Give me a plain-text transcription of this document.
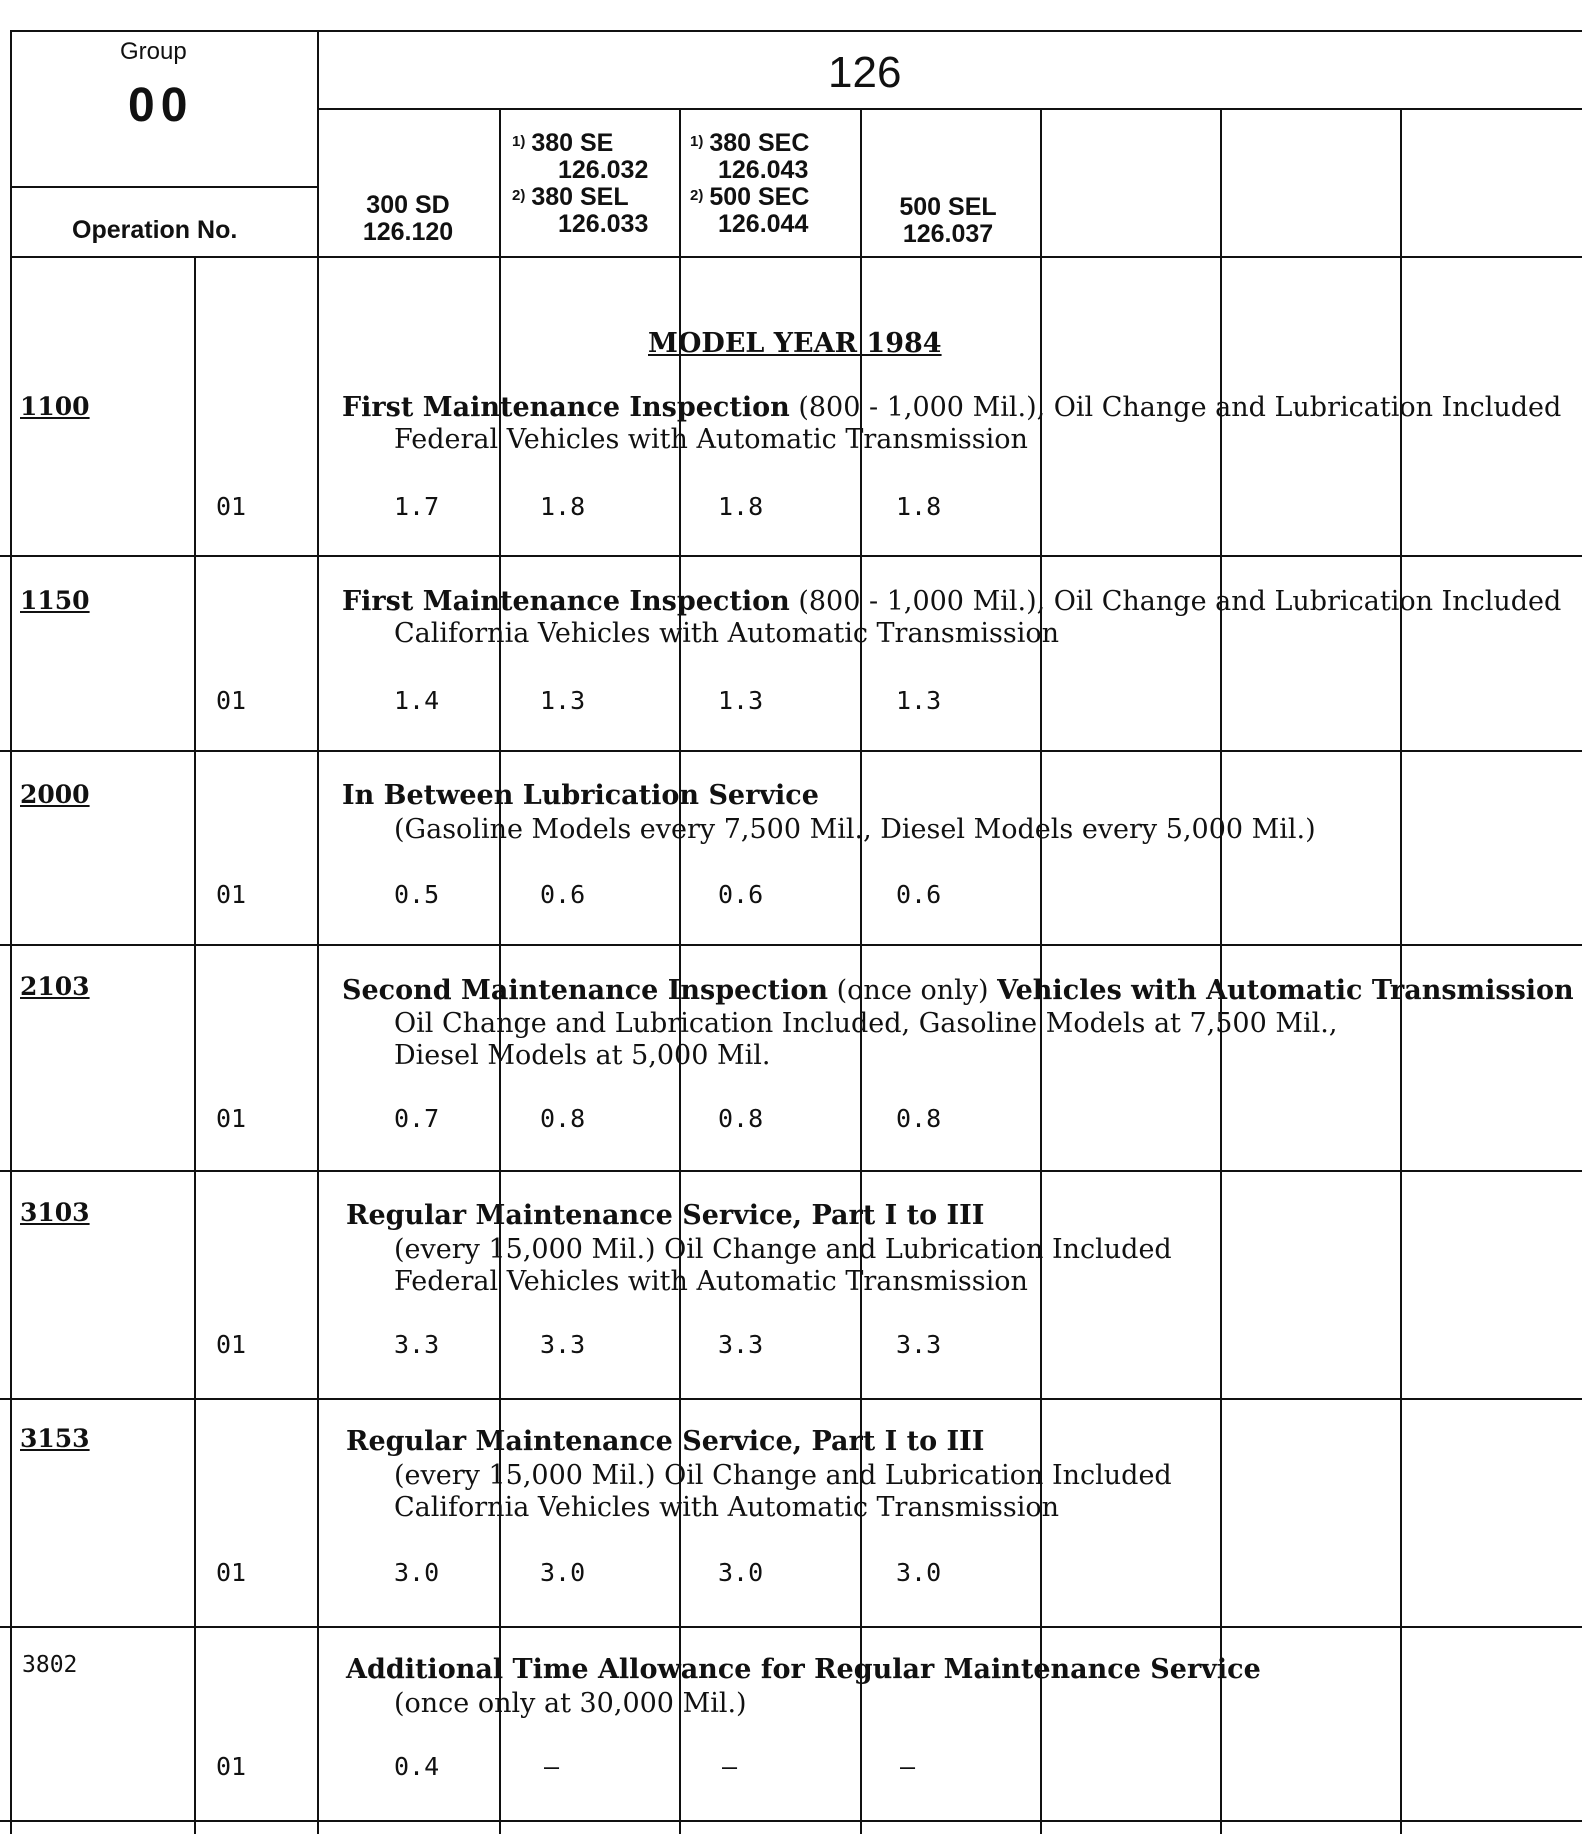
Group
00
Operation No.
126
300 SD
126.120
$^{1)}$ 380 SE
126.032
$^{2)}$ 380 SEL
126.033
$^{1)}$ 380 SEC
126.043
$^{2)}$ 500 SEC
126.044
500 SEL
126.037
MODEL YEAR 1984
1100	First Maintenance Inspection (800 - 1,000 Mil.), Oil Change and Lubrication Included
Federal Vehicles with Automatic Transmission
01	1.7	1.8	1.8	1.8
1150	First Maintenance Inspection (800 - 1,000 Mil.), Oil Change and Lubrication Included
California Vehicles with Automatic Transmission
01	1.4	1.3	1.3	1.3
2000	In Between Lubrication Service
(Gasoline Models every 7,500 Mil., Diesel Models every 5,000 Mil.)
01	0.5	0.6	0.6	0.6
2103	Second Maintenance Inspection (once only) Vehicles with Automatic Transmission
Oil Change and Lubrication Included, Gasoline Models at 7,500 Mil.,
Diesel Models at 5,000 Mil.
01	0.7	0.8	0.8	0.8
3103	Regular Maintenance Service, Part I to III
(every 15,000 Mil.) Oil Change and Lubrication Included
Federal Vehicles with Automatic Transmission
01	3.3	3.3	3.3	3.3
3153	Regular Maintenance Service, Part I to III
(every 15,000 Mil.) Oil Change and Lubrication Included
California Vehicles with Automatic Transmission
01	3.0	3.0	3.0	3.0
3802	Additional Time Allowance for Regular Maintenance Service
(once only at 30,000 Mil.)
01	0.4	—	—	—
